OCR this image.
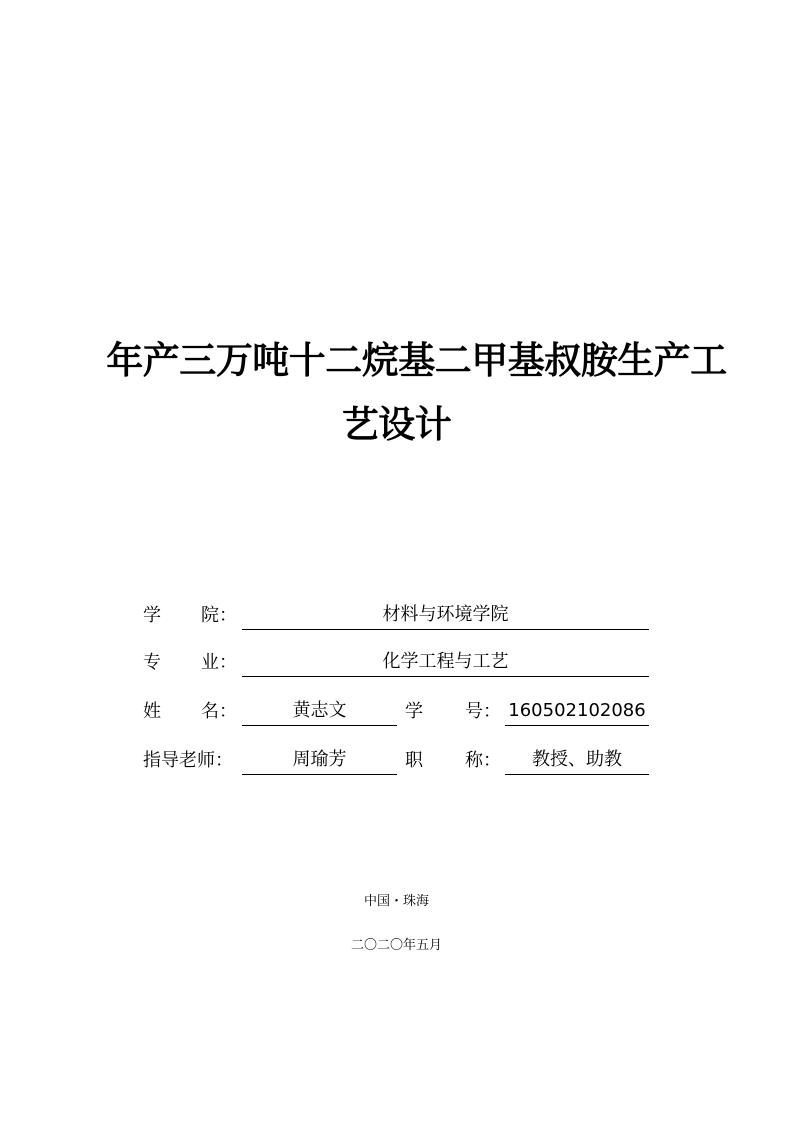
年产三万吨十二烷基二甲基叔胺生产工
艺设计
学 院：	材料与环境学院
专 业：	化学工程与工艺
姓 名：	黄志文	学 号： 160502102086
指导老师：	周瑜芳	职 称：	教授、助教
中国・珠海
二〇二〇年五月
